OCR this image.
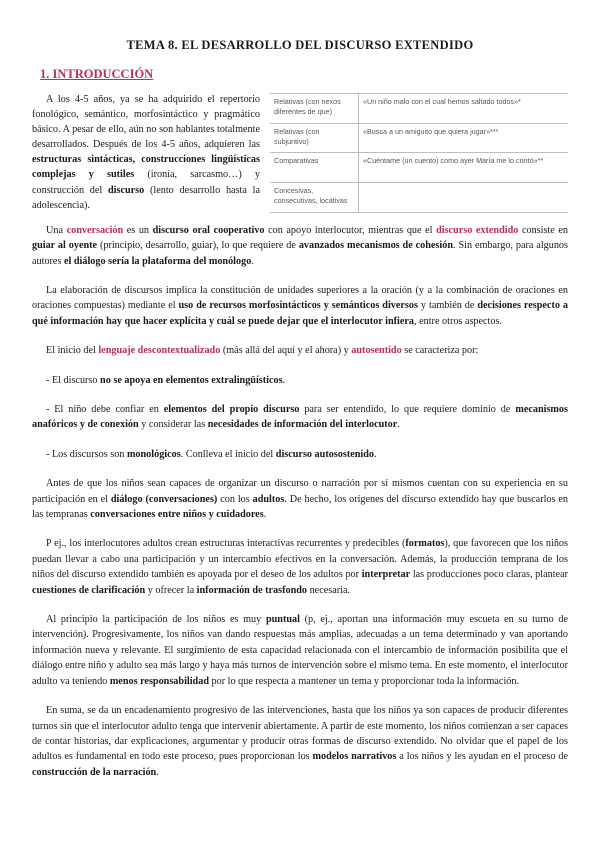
TEMA 8. EL DESARROLLO DEL DISCURSO EXTENDIDO
1. INTRODUCCIÓN

A los 4-5 años, ya se ha adquirido el repertorio fonológico, semántico, morfosintáctico y pragmático básico. A pesar de ello, aún no son hablantes totalmente desarrollados. Después de los 4-5 años, adquieren las estructuras sintácticas, construcciones lingüísticas complejas y sutiles (ironía, sarcasmo…) y construcción del discurso (lento desarrollo hasta la adolescencia).

Relativas (con nexos diferentes de que)	«Un niño malo con el cual hemos saltado todos»*
Relativas (con subjuntivo)	«Busca a un amiguito que quiera jugar»***
Comparativas	«Cuéntame (un cuento) como ayer María me lo contó»**
Concesivas, consecutivas, locativas	

Una conversación es un discurso oral cooperativo con apoyo interlocutor, mientras que el discurso extendido consiste en guiar al oyente (principio, desarrollo, guiar), lo que requiere de avanzados mecanismos de cohesión. Sin embargo, para algunos autores el diálogo sería la plataforma del monólogo.

La elaboración de discursos implica la constitución de unidades superiores a la oración (y a la combinación de oraciones en oraciones compuestas) mediante el uso de recursos morfosintácticos y semánticos diversos y también de decisiones respecto a qué información hay que hacer explícita y cuál se puede dejar que el interlocutor infiera, entre otros aspectos.

El inicio del lenguaje descontextualizado (más allá del aquí y el ahora) y autosentido se caracteriza por:

- El discurso no se apoya en elementos extralingüísticos.

- El niño debe confiar en elementos del propio discurso para ser entendido, lo que requiere dominio de mecanismos anafóricos y de conexión y considerar las necesidades de información del interlocutor.

- Los discursos son monológicos. Conlleva el inicio del discurso autosostenido.

Antes de que los niños sean capaces de organizar un discurso o narración por sí mismos cuentan con su experiencia en su participación en el diálogo (conversaciones) con los adultos. De hecho, los orígenes del discurso extendido hay que buscarlos en las tempranas conversaciones entre niños y cuidadores.

P ej., los interlocutores adultos crean estructuras interactivas recurrentes y predecibles (formatos), que favorecen que los niños puedan llevar a cabo una participación y un intercambio efectivos en la conversación. Además, la producción temprana de los niños del discurso extendido también es apoyada por el deseo de los adultos por interpretar las producciones poco claras, plantear cuestiones de clarificación y ofrecer la información de trasfondo necesaria.

Al principio la participación de los niños es muy puntual (p, ej., aportan una información muy escueta en su turno de intervención). Progresivamente, los niños van dando respuestas más amplias, adecuadas a un tema determinado y van aportando información nueva y relevante. El surgimiento de esta capacidad relacionada con el intercambio de información posibilita que el diálogo entre niño y adulto sea más largo y haya más turnos de intervención sobre el mismo tema. En este momento, el interlocutor adulto va teniendo menos responsabilidad por lo que respecta a mantener un tema y proporcionar toda la información.

En suma, se da un encadenamiento progresivo de las intervenciones, hasta que los niños ya son capaces de producir diferentes turnos sin que el interlocutor adulto tenga que intervenir abiertamente. A partir de este momento, los niños comienzan a ser capaces de contar historias, dar explicaciones, argumentar y producir otras formas de discurso extendido. No olvidar que el papel de los adultos es fundamental en todo este proceso, pues proporcionan los modelos narrativos a los niños y les ayudan en el proceso de construcción de la narración.
